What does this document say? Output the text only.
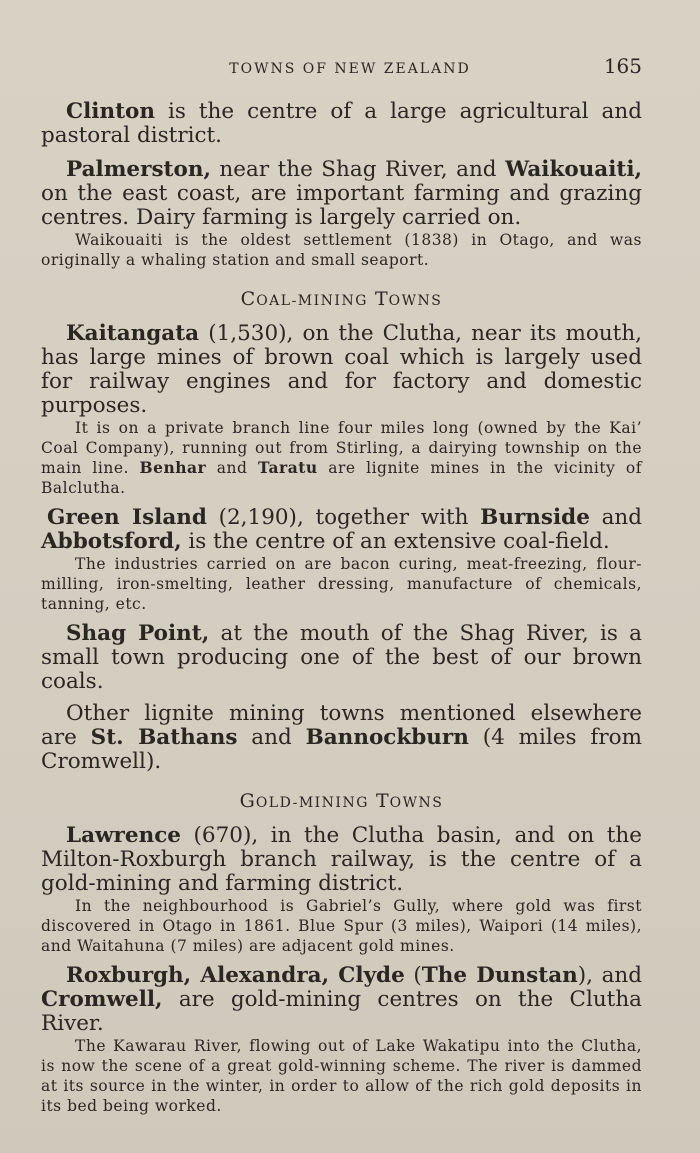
TOWNS OF NEW ZEALAND	165

Clinton is the centre of a large agricultural and pastoral district.

Palmerston, near the Shag River, and Waikouaiti, on the east coast, are important farming and grazing centres. Dairy farming is largely carried on.

Waikouaiti is the oldest settlement (1838) in Otago, and was originally a whaling station and small seaport.

COAL-MINING TOWNS

Kaitangata (1,530), on the Clutha, near its mouth, has large mines of brown coal which is largely used for railway engines and for factory and domestic purposes.

It is on a private branch line four miles long (owned by the Kai’ Coal Company), running out from Stirling, a dairying township on the main line. Benhar and Taratu are lignite mines in the vicinity of Balclutha.

Green Island (2,190), together with Burnside and Abbotsford, is the centre of an extensive coal-field.

The industries carried on are bacon curing, meat-freezing, flour-milling, iron-smelting, leather dressing, manufacture of chemicals, tanning, etc.

Shag Point, at the mouth of the Shag River, is a small town producing one of the best of our brown coals.

Other lignite mining towns mentioned elsewhere are St. Bathans and Bannockburn (4 miles from Cromwell).

GOLD-MINING TOWNS

Lawrence (670), in the Clutha basin, and on the Milton-Roxburgh branch railway, is the centre of a gold-mining and farming district.

In the neighbourhood is Gabriel’s Gully, where gold was first discovered in Otago in 1861. Blue Spur (3 miles), Waipori (14 miles), and Waitahuna (7 miles) are adjacent gold mines.

Roxburgh, Alexandra, Clyde (The Dunstan), and Cromwell, are gold-mining centres on the Clutha River.

The Kawarau River, flowing out of Lake Wakatipu into the Clutha, is now the scene of a great gold-winning scheme. The river is dammed at its source in the winter, in order to allow of the rich gold deposits in its bed being worked.
